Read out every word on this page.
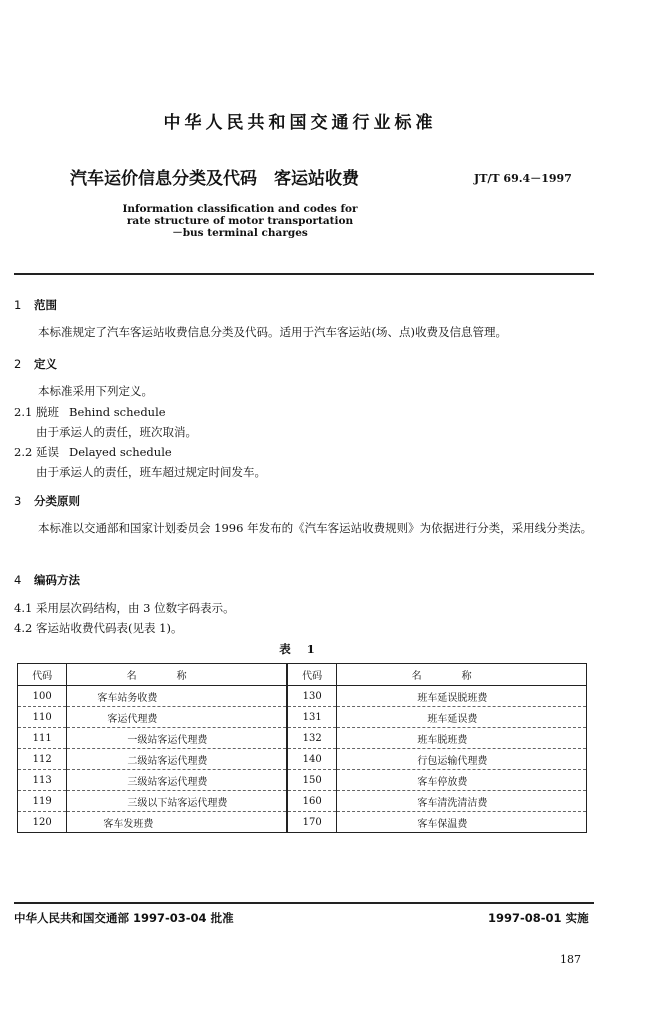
中华人民共和国交通行业标准
汽车运价信息分类及代码　客运站收费	JT/T 69.4－1997
Information classification and codes for
rate structure of motor transportation
－bus terminal charges
1 范围
本标准规定了汽车客运站收费信息分类及代码。适用于汽车客运站(场、点)收费及信息管理。
2 定义
本标准采用下列定义。
2.1 脱班 Behind schedule
由于承运人的责任，班次取消。
2.2 延误 Delayed schedule
由于承运人的责任，班车超过规定时间发车。
3 分类原则
本标准以交通部和国家计划委员会 1996 年发布的《汽车客运站收费规则》为依据进行分类，采用线分类法。
4 编码方法
4.1 采用层次码结构，由 3 位数字码表示。
4.2 客运站收费代码表(见表 1)。
表 1
代码	名称	代码	名称
100	客车站务收费	130	班车延误脱班费
110	客运代理费	131	班车延误费
111	一级站客运代理费	132	班车脱班费
112	二级站客运代理费	140	行包运输代理费
113	三级站客运代理费	150	客车停放费
119	三级以下站客运代理费	160	客车清洗清洁费
120	客车发班费	170	客车保温费
中华人民共和国交通部 1997-03-04 批准	1997-08-01 实施
187
